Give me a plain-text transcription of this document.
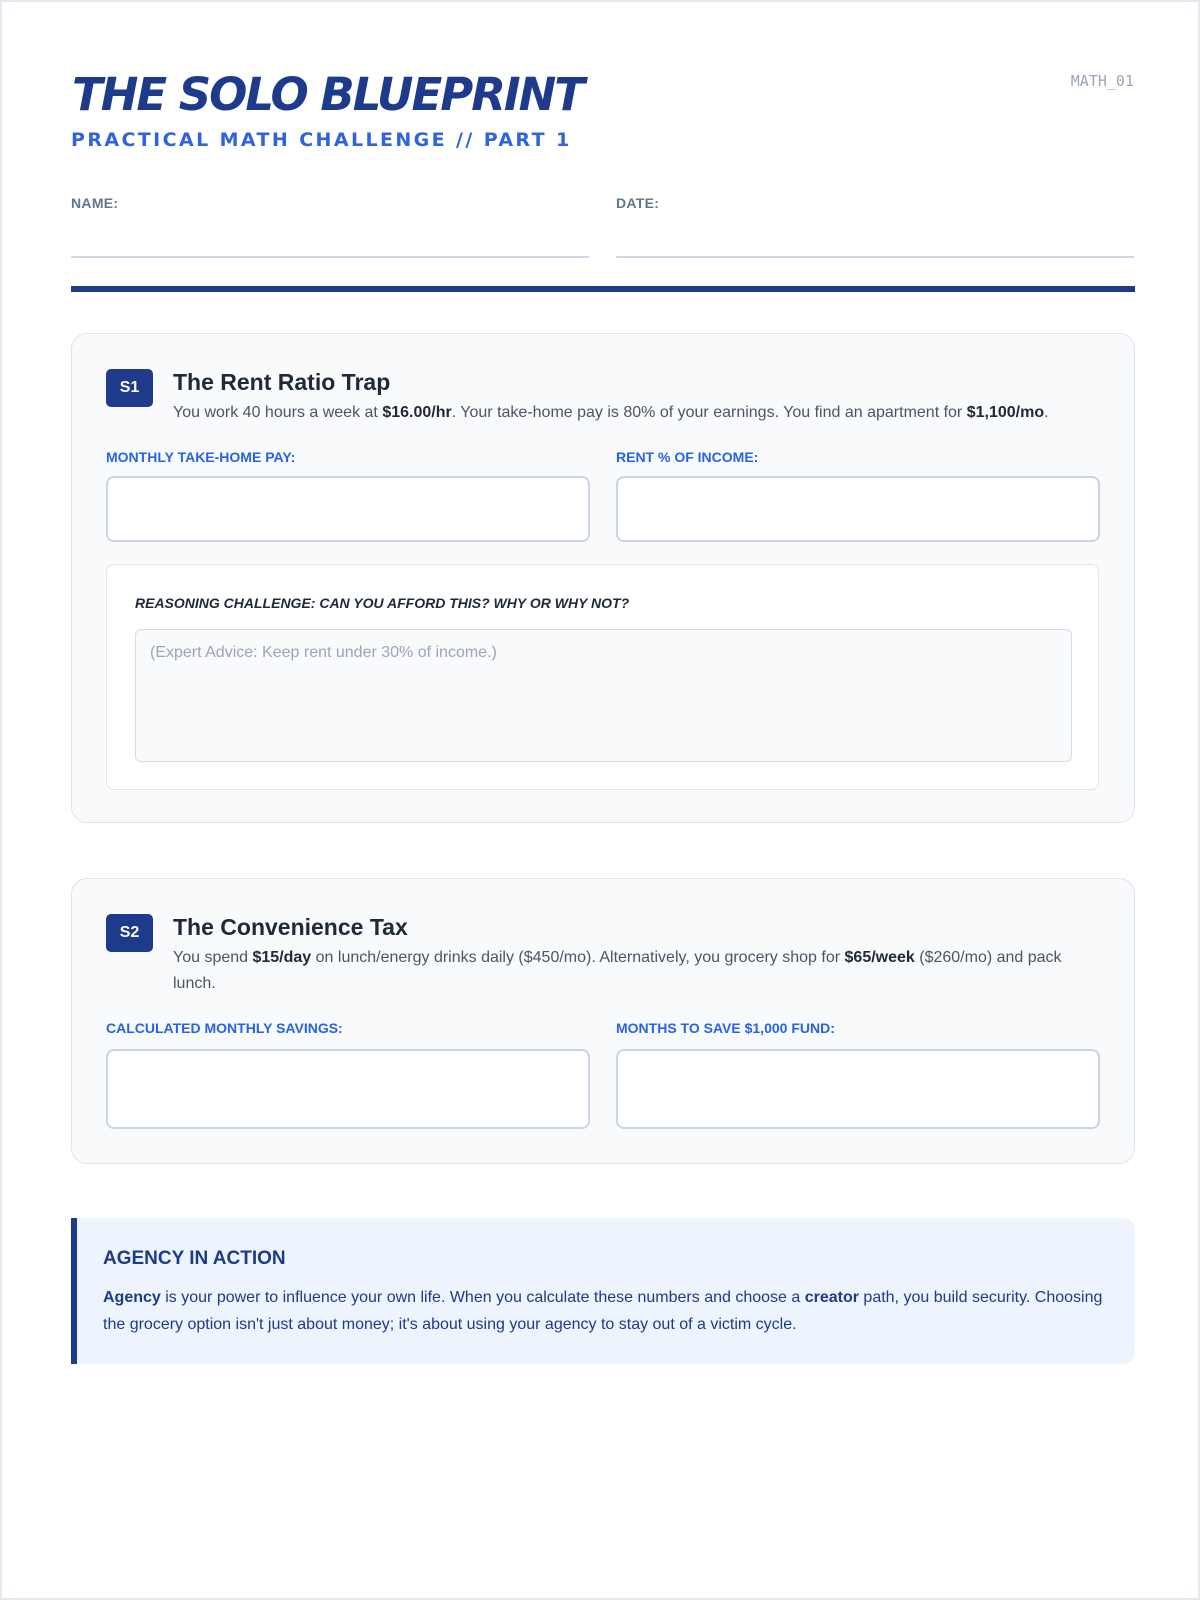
THE SOLO BLUEPRINT
PRACTICAL MATH CHALLENGE // PART 1
MATH_01
NAME:	DATE:
S1	The Rent Ratio Trap
You work 40 hours a week at $16.00/hr. Your take-home pay is 80% of your earnings. You find an apartment for $1,100/mo.
MONTHLY TAKE-HOME PAY:	RENT % OF INCOME:
REASONING CHALLENGE: CAN YOU AFFORD THIS? WHY OR WHY NOT?
(Expert Advice: Keep rent under 30% of income.)
S2	The Convenience Tax
You spend $15/day on lunch/energy drinks daily ($450/mo). Alternatively, you grocery shop for $65/week ($260/mo) and pack lunch.
CALCULATED MONTHLY SAVINGS:	MONTHS TO SAVE $1,000 FUND:
AGENCY IN ACTION
Agency is your power to influence your own life. When you calculate these numbers and choose a creator path, you build security. Choosing the grocery option isn't just about money; it's about using your agency to stay out of a victim cycle.
